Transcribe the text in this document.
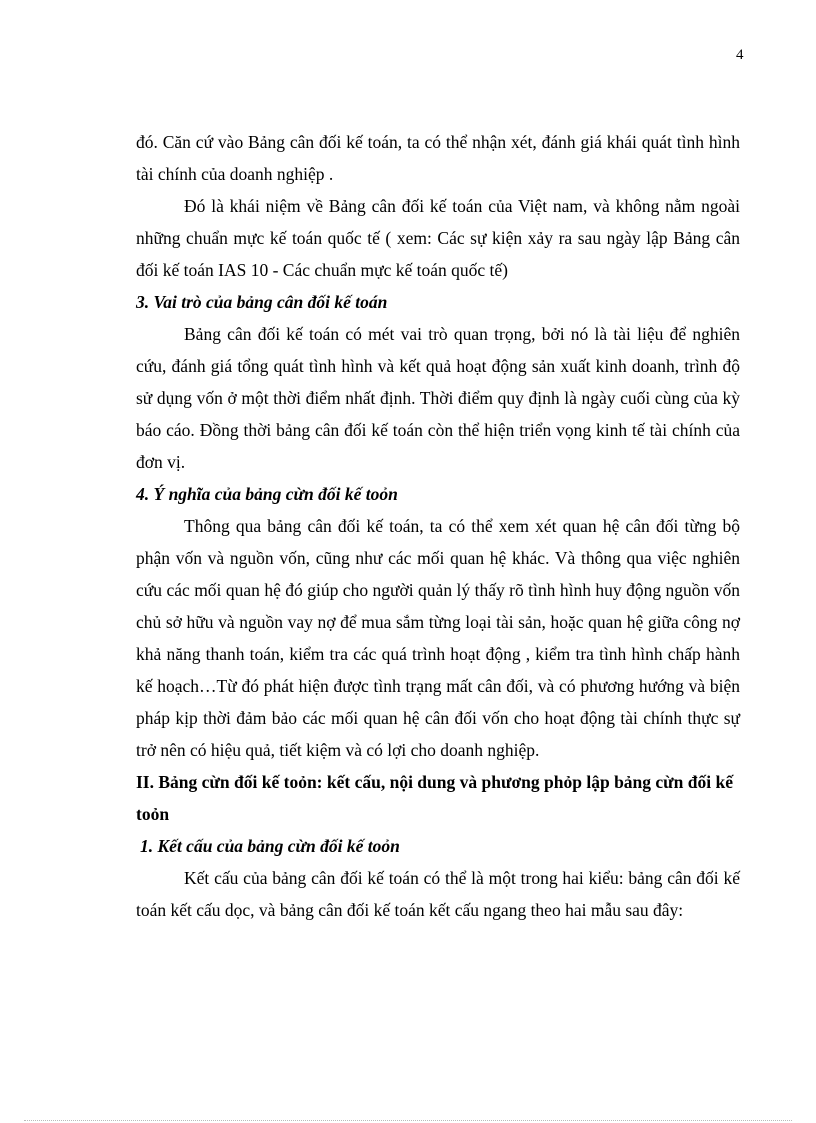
4

đó. Căn cứ vào Bảng cân đối kế toán, ta có thể nhận xét, đánh giá khái quát tình hình tài chính của doanh nghiệp .

Đó là khái niệm về Bảng cân đối kế toán của Việt nam, và không nằm ngoài những chuẩn mực kế toán quốc tế ( xem: Các sự kiện xảy ra sau ngày lập Bảng cân đối kế toán IAS 10 - Các chuẩn mực kế toán quốc tế)

3. Vai trò của bảng cân đối kế toán

Bảng cân đối kế toán có mét vai trò quan trọng, bởi nó là tài liệu để nghiên cứu, đánh giá tổng quát tình hình và kết quả hoạt động sản xuất kinh doanh, trình độ sử dụng vốn ở một thời điểm nhất định. Thời điểm quy định là ngày cuối cùng của kỳ báo cáo. Đồng thời bảng cân đối kế toán còn thể hiện triển vọng kinh tế tài chính của đơn vị.

4. Ý nghĩa của bảng cừn đối kế toỏn

Thông qua bảng cân đối kế toán, ta có thể xem xét quan hệ cân đối từng bộ phận vốn và nguồn vốn, cũng như các mối quan hệ khác. Và thông qua việc nghiên cứu các mối quan hệ đó giúp cho người quản lý thấy rõ tình hình huy động nguồn vốn chủ sở hữu và nguồn vay nợ để mua sắm từng loại tài sản, hoặc quan hệ giữa công nợ khả năng thanh toán, kiểm tra các quá trình hoạt động , kiểm tra tình hình chấp hành kế hoạch…Từ đó phát hiện được tình trạng mất cân đối, và có phương hướng và biện pháp kịp thời đảm bảo các mối quan hệ cân đối vốn cho hoạt động tài chính thực sự trở nên có hiệu quả, tiết kiệm và có lợi cho doanh nghiệp.

II. Bảng cừn đối kế toỏn: kết cấu, nội dung và phương phỏp lập bảng cừn đối kế toỏn
1. Kết cấu của bảng cừn đối kế toỏn

Kết cấu của bảng cân đối kế toán có thể là một trong hai kiểu: bảng cân đối kế toán kết cấu dọc, và bảng cân đối kế toán kết cấu ngang theo hai mẫu sau đây:
